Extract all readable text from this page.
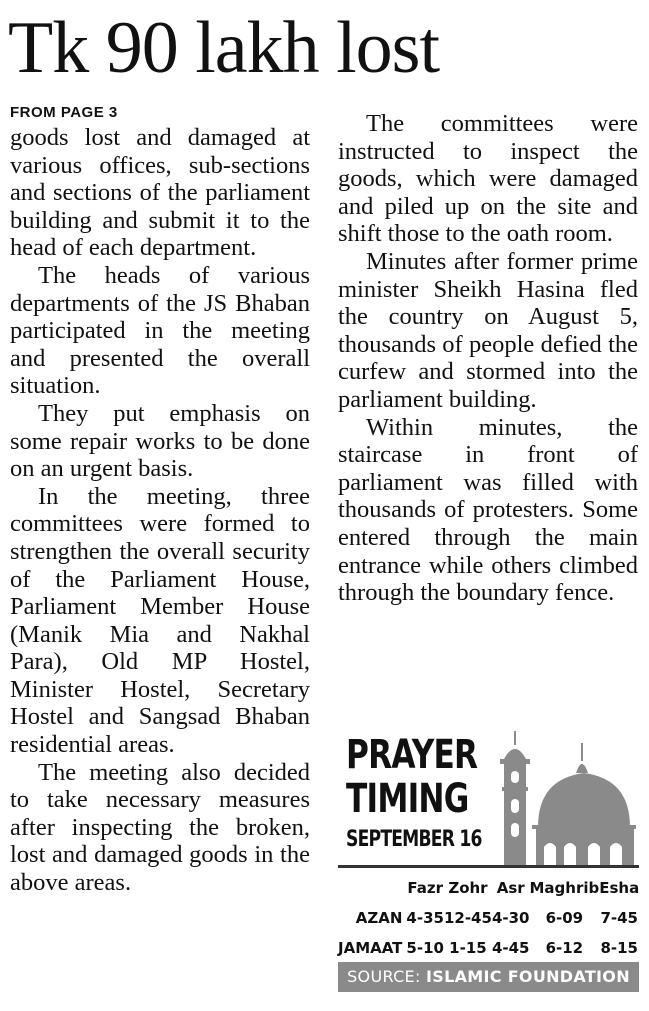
Tk 90 lakh lost
FROM PAGE 3

goods lost and damaged at various offices, sub-sections and sections of the parliament building and submit it to the head of each department.

The heads of various departments of the JS Bhaban participated in the meeting and presented the overall situation.

They put emphasis on some repair works to be done on an urgent basis.

In the meeting, three committees were formed to strengthen the overall security of the Parliament House, Parliament Member House (Manik Mia and Nakhal Para), Old MP Hostel, Minister Hostel, Secretary Hostel and Sangsad Bhaban residential areas.

The meeting also decided to take necessary measures after inspecting the broken, lost and damaged goods in the above areas.

The committees were instructed to inspect the goods, which were damaged and piled up on the site and shift those to the oath room.

Minutes after former prime minister Sheikh Hasina fled the country on August 5, thousands of people defied the curfew and stormed into the parliament building.

Within minutes, the staircase in front of parliament was filled with thousands of protesters. Some entered through the main entrance while others climbed through the boundary fence.

PRAYER
TIMING
SEPTEMBER 16
	Fazr	Zohr	Asr	Maghrib	Esha
AZAN	4-35	12-45	4-30	6-09	7-45
JAMAAT	5-10	1-15	4-45	6-12	8-15
SOURCE: ISLAMIC FOUNDATION
